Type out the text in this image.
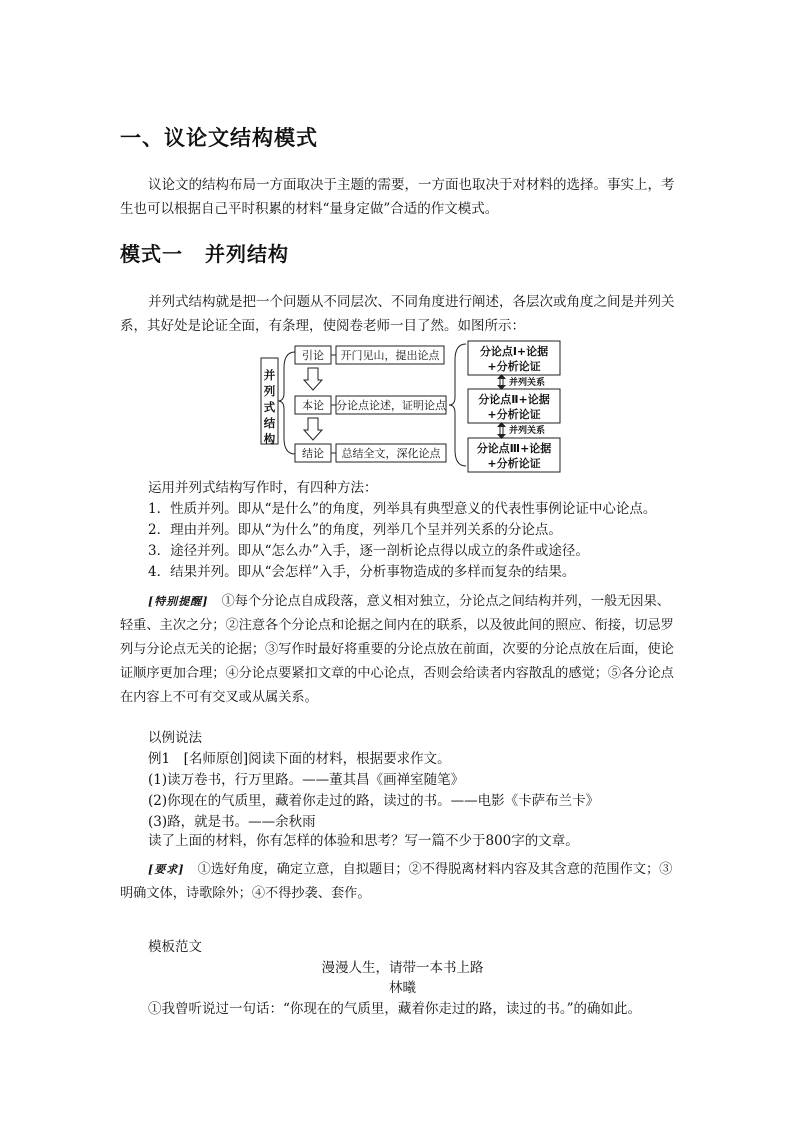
一、议论文结构模式
议论文的结构布局一方面取决于主题的需要，一方面也取决于对材料的选择。事实上，考生也可以根据自己平时积累的材料“量身定做”合适的作文模式。
模式一 并列结构
并列式结构就是把一个问题从不同层次、不同角度进行阐述，各层次或角度之间是并列关系，其好处是论证全面，有条理，使阅卷老师一目了然。如图所示：
并
列
式
结
构
引论
本论
结论
开门见山，提出论点
分论点论述，证明论点
总结全文，深化论点
分论点Ⅰ+论据
+分析论证
分论点Ⅱ+论据
+分析论证
分论点Ⅲ+论据
+分析论证
并列关系
并列关系
运用并列式结构写作时，有四种方法：
1．性质并列。即从“是什么”的角度，列举具有典型意义的代表性事例论证中心论点。
2．理由并列。即从“为什么”的角度，列举几个呈并列关系的分论点。
3．途径并列。即从“怎么办”入手，逐一剖析论点得以成立的条件或途径。
4．结果并列。即从“会怎样”入手，分析事物造成的多样而复杂的结果。
[特别提醒]　 ①每个分论点自成段落，意义相对独立，分论点之间结构并列，一般无因果、轻重、主次之分；②注意各个分论点和论据之间内在的联系，以及彼此间的照应、衔接，切忌罗列与分论点无关的论据；③写作时最好将重要的分论点放在前面，次要的分论点放在后面，使论证顺序更加合理；④分论点要紧扣文章的中心论点，否则会给读者内容散乱的感觉；⑤各分论点在内容上不可有交叉或从属关系。
以例说法
例1　[名师原创]阅读下面的材料，根据要求作文。
(1)读万卷书，行万里路。——董其昌《画禅室随笔》
(2)你现在的气质里，藏着你走过的路，读过的书。——电影《卡萨布兰卡》
(3)路，就是书。——余秋雨
读了上面的材料，你有怎样的体验和思考？写一篇不少于800字的文章。
[要求]　 ①选好角度，确定立意，自拟题目；②不得脱离材料内容及其含意的范围作文；③明确文体，诗歌除外；④不得抄袭、套作。
模板范文
漫漫人生，请带一本书上路
林曦
①我曾听说过一句话：“你现在的气质里，藏着你走过的路，读过的书。”的确如此。
